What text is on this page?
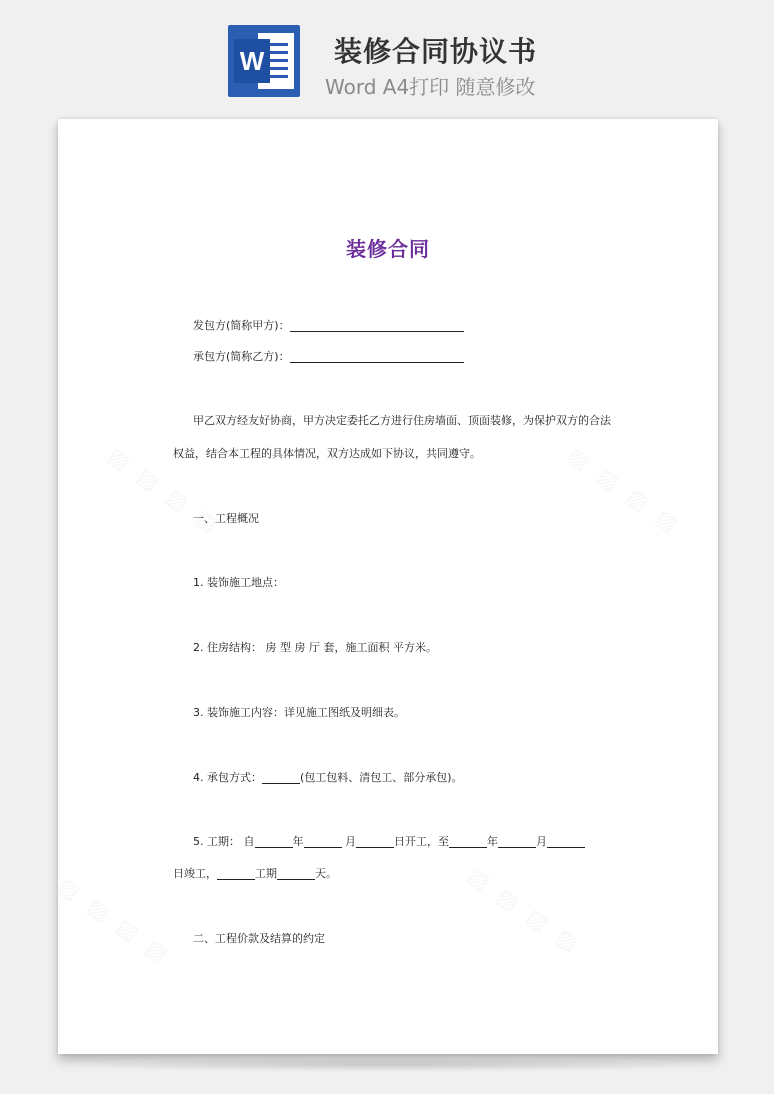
W 装修合同协议书
Word A4打印 随意修改
装修合同
发包方(简称甲方)：
承包方(简称乙方)：
甲乙双方经友好协商，甲方决定委托乙方进行住房墙面、顶面装修，为保护双方的合法
权益，结合本工程的具体情况，双方达成如下协议，共同遵守。
一、工程概况
1. 装饰施工地点：
2. 住房结构： 房 型 房 厅 套，施工面积 平方米。
3. 装饰施工内容：详见施工图纸及明细表。
4. 承包方式：	(包工包料、清包工、部分承包)。
5. 工期： 自	年	月	日开工，至	年	月
日竣工，	工期	天。
二、工程价款及结算的约定
